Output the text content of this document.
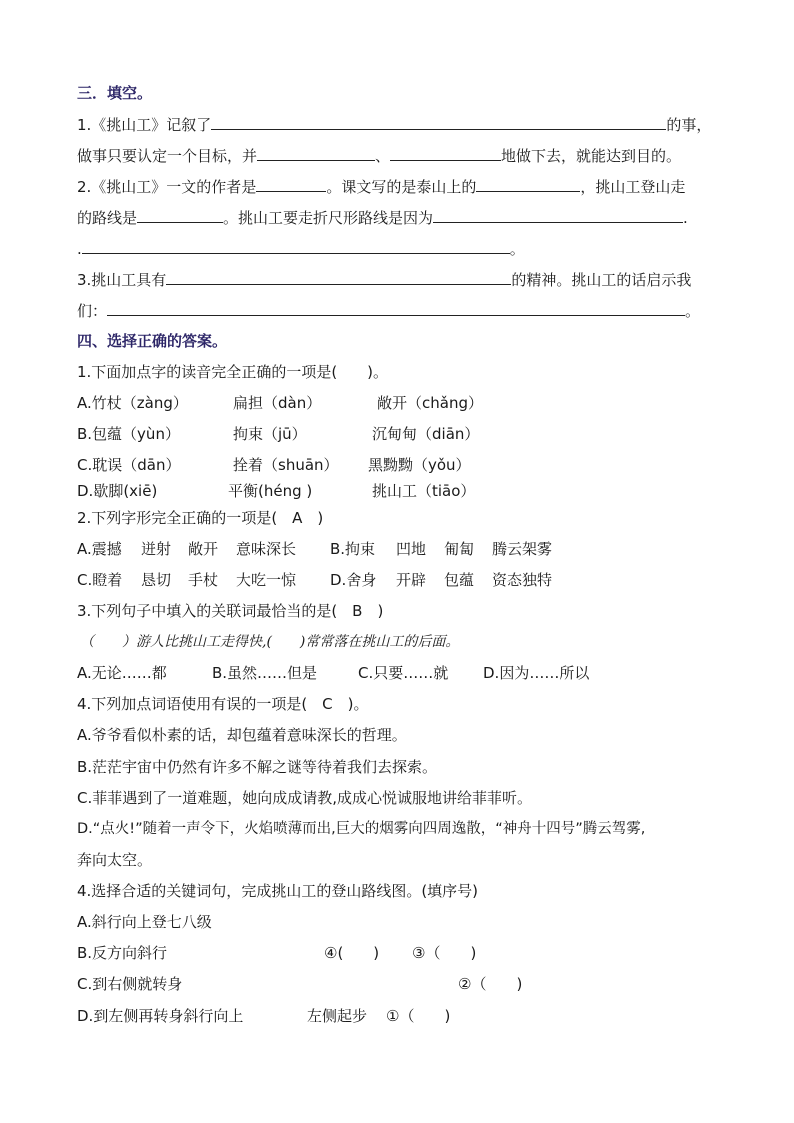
三．填空。
1.《挑山工》记叙了	的事，
做事只要认定一个目标，并	、	地做下去，就能达到目的。
2.《挑山工》一文的作者是	。课文写的是泰山上的	，挑山工登山走
的路线是	。挑山工要走折尺形路线是因为	.
.	。
3.挑山工具有	的精神。挑山工的话启示我
们：	。
四、选择正确的答案。
1.下面加点字的读音完全正确的一项是(　　)。
A.竹杖（zàng）	扁担（dàn）	敞开（chǎng）
B.包蕴（yùn）	拘束（jū）	沉甸甸（diān）
C.耽误（dān）	拴着（shuān） 黑黝黝（yǒu）
D.歇脚(xiē)	平衡(héng )	挑山工（tiāo）
2.下列字形完全正确的一项是(　A　)
A.震撼 迸射 敞开 意味深长 B.拘束 凹地 匍匐 腾云架雾
C.瞪着 恳切 手杖 大吃一惊 D.舍身 开辟 包蕴 资态独特
3.下列句子中填入的关联词最恰当的是(　B　)
（　　）游人比挑山工走得快,(　　)常常落在挑山工的后面。
A.无论……都	B.虽然……但是	C.只要……就 D.因为……所以
4.下列加点词语使用有误的一项是(　C　)。
A.爷爷看似朴素的话，却包蕴着意味深长的哲理。
B.茫茫宇宙中仍然有许多不解之谜等待着我们去探索。
C.菲菲遇到了一道难题，她向成成请教,成成心悦诚服地讲给菲菲听。
D.“点火!”随着一声令下，火焰喷薄而出,巨大的烟雾向四周逸散，“神舟十四号”腾云驾雾,
奔向太空。
4.选择合适的关键词句，完成挑山工的登山路线图。(填序号)
A.斜行向上登七八级
B.反方向斜行	④(　　) ③（　　)
C.到右侧就转身	②（　　)
D.到左侧再转身斜行向上	左侧起步 ①（　　)
